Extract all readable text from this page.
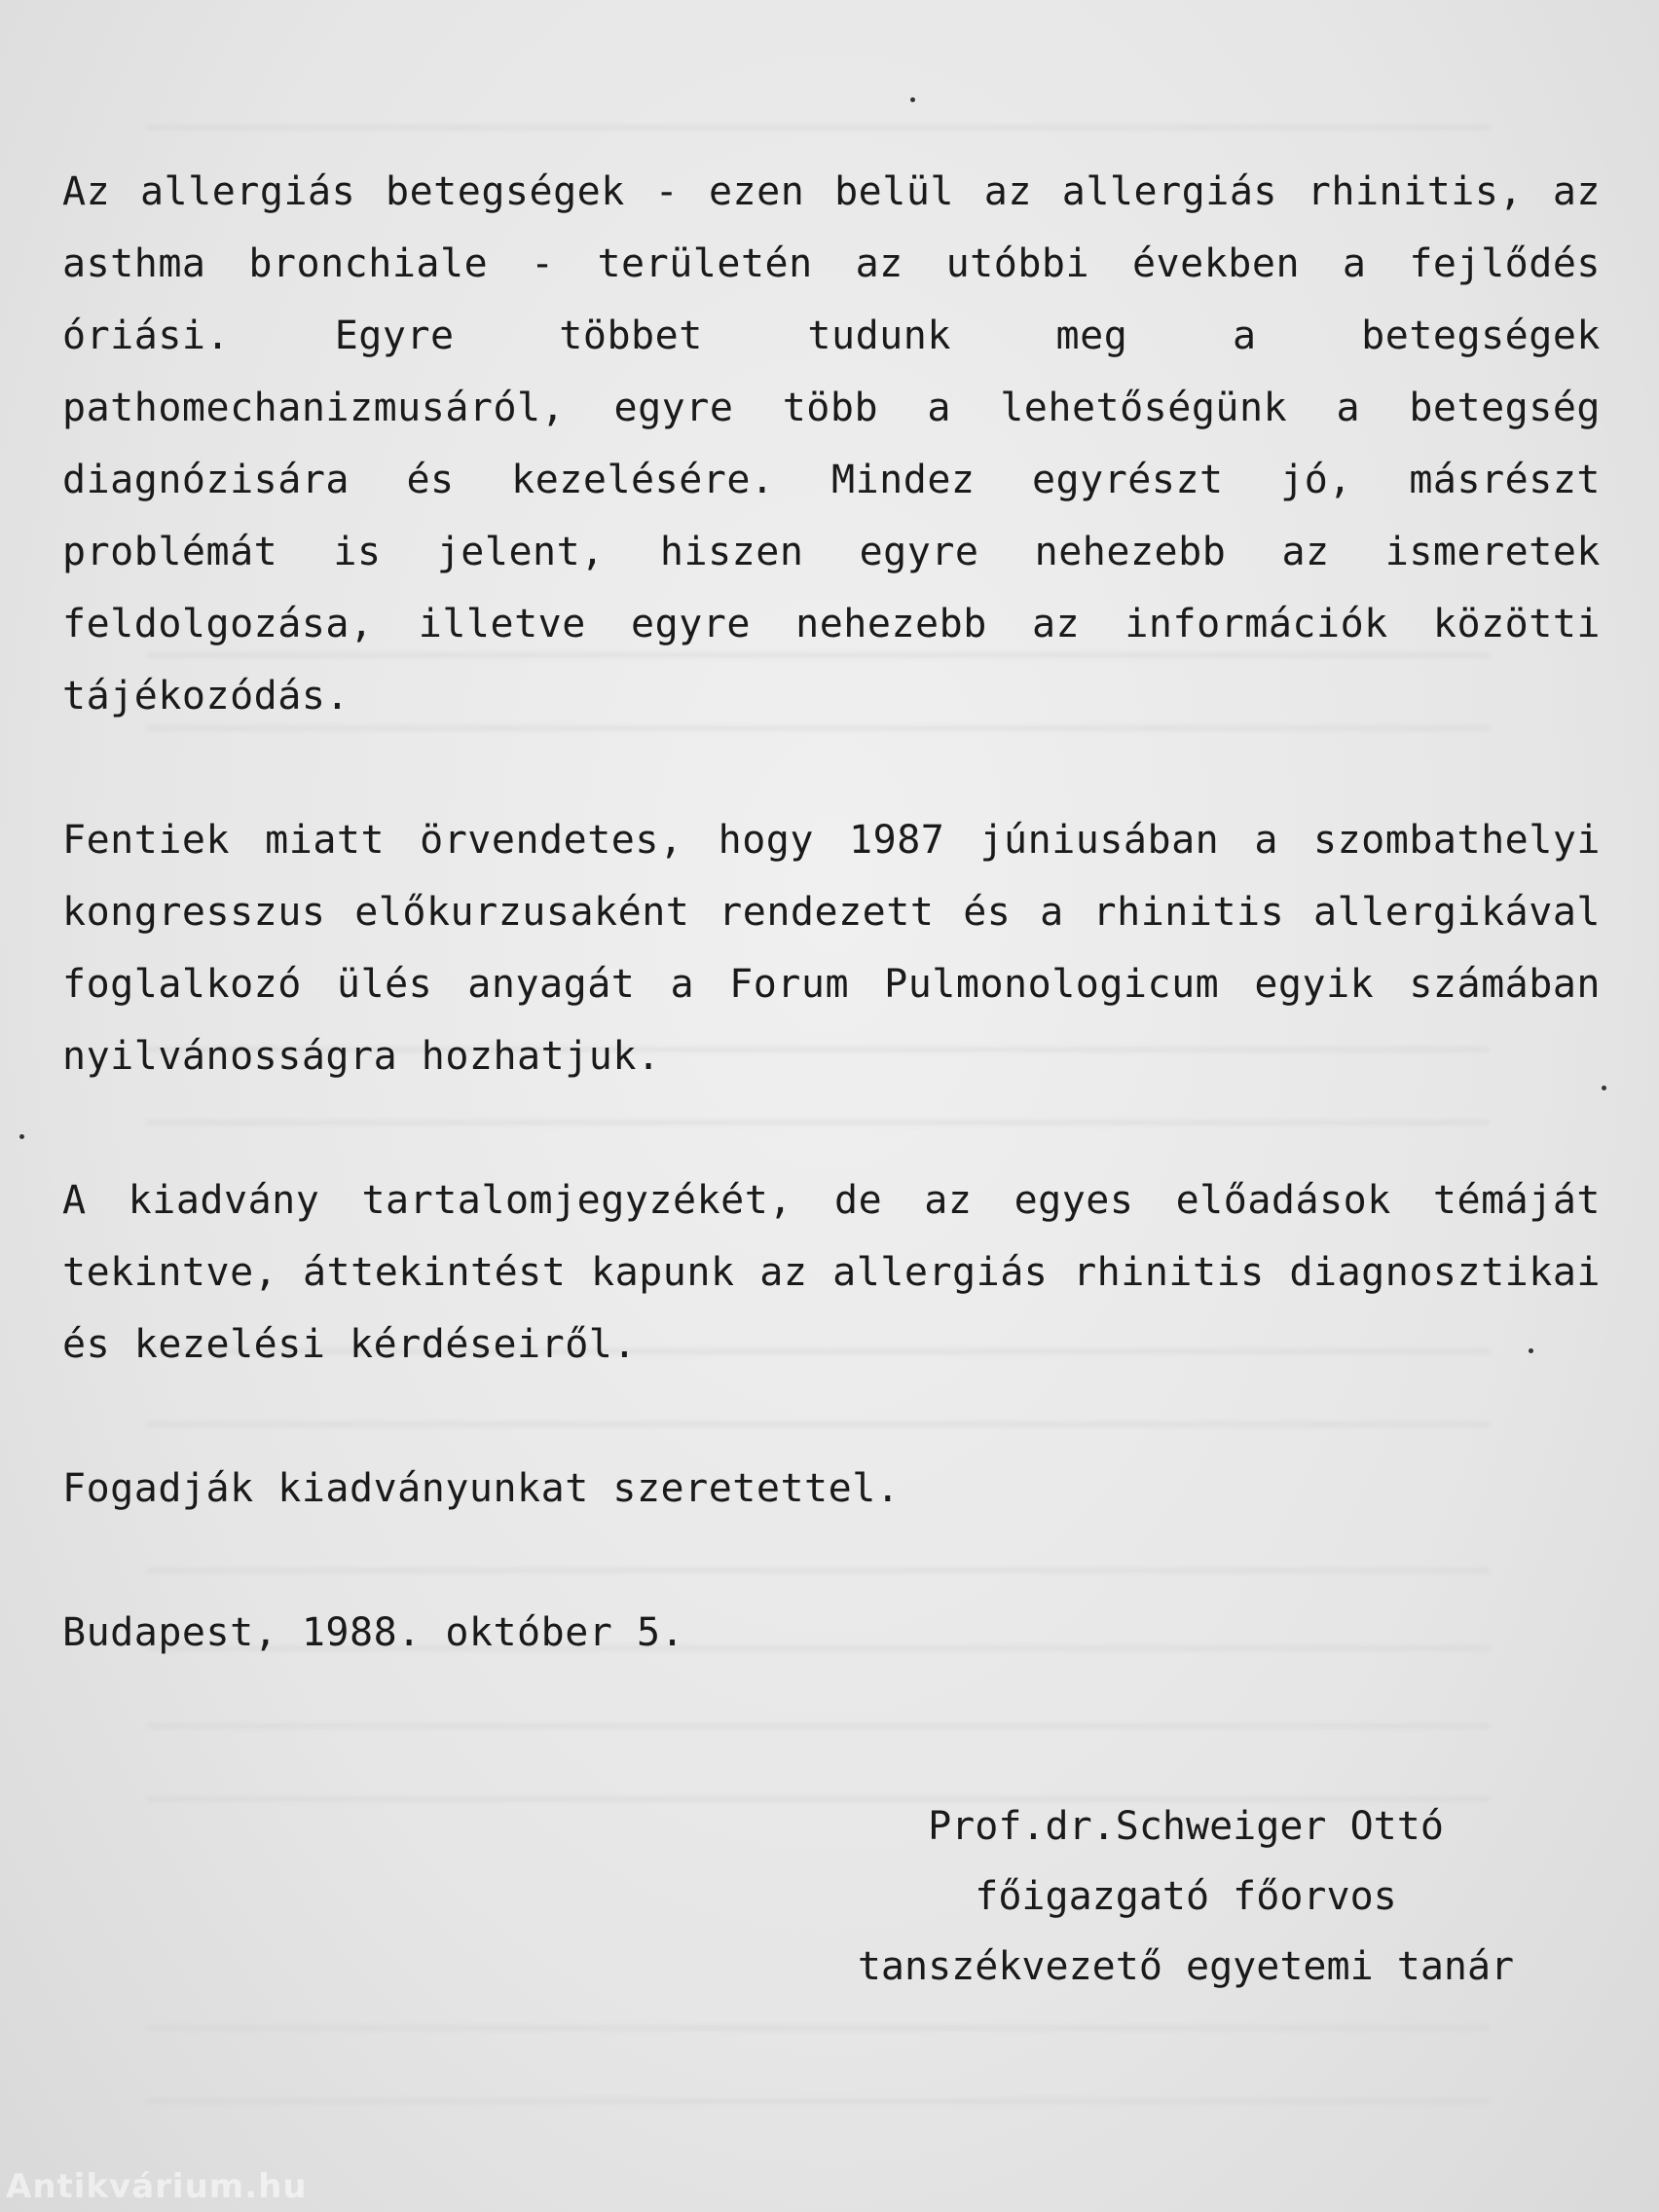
Az allergiás betegségek - ezen belül az allergiás rhinitis, az asthma bronchiale - területén az utóbbi években a fejlődés óriási. Egyre többet tudunk meg a betegségek pathomechanizmusáról, egyre több a lehetőségünk a betegség diagnózisára és kezelésére. Mindez egyrészt jó, másrészt problémát is jelent, hiszen egyre nehezebb az ismeretek feldolgozása, illetve egyre nehezebb az információk közötti tájékozódás.

Fentiek miatt örvendetes, hogy 1987 júniusában a szombathelyi kongresszus előkurzusaként rendezett és a rhinitis allergikával foglalkozó ülés anyagát a Forum Pulmonologicum egyik számában nyilvánosságra hozhatjuk.

A kiadvány tartalomjegyzékét, de az egyes előadások témáját tekintve, áttekintést kapunk az allergiás rhinitis diagnosztikai és kezelési kérdéseiről.

Fogadják kiadványunkat szeretettel.

Budapest, 1988. október 5.

Prof.dr.Schweiger Ottó
főigazgató főorvos
tanszékvezető egyetemi tanár
Antikvárium.hu
